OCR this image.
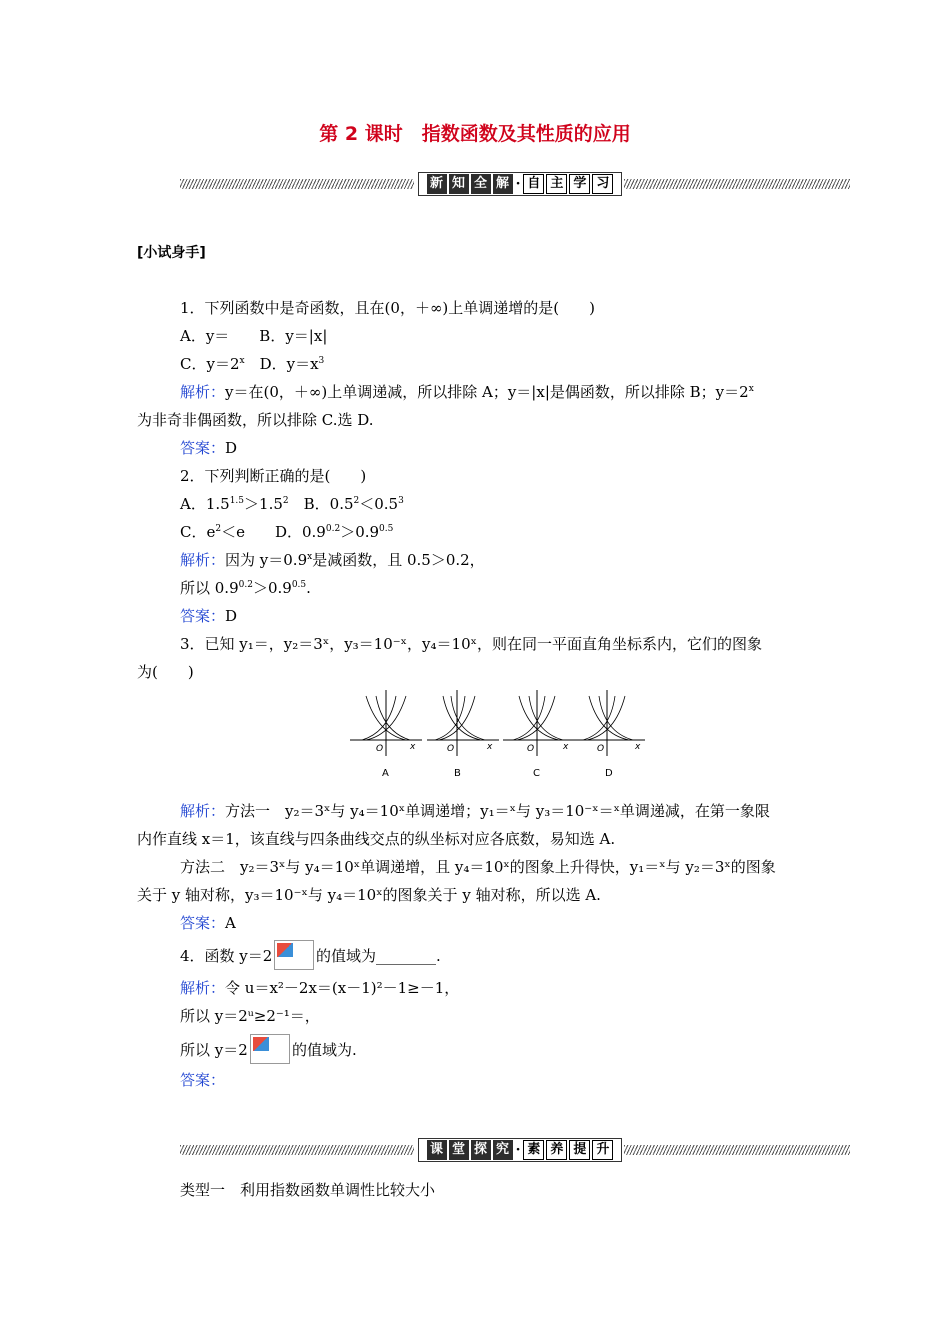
第 2 课时　指数函数及其性质的应用
新 知 全 解 · 自 主 学 习
[小试身手]
1．下列函数中是奇函数，且在(0，＋∞)上单调递增的是(　　)
A．y＝　　B．y＝|x|
C．$y=2^x$　D．$y=x^3$
解析：y＝在(0，＋∞)上单调递减，所以排除 A；y＝|x|是偶函数，所以排除 B；$y=2^x$
为非奇非偶函数，所以排除 C.选 D.
答案：D
2．下列判断正确的是(　　)
A．$1.5^{1.5}>1.5^2$　B．$0.5^2<0.5^3$
C．$e^2<e$　　D．$0.9^{0.2}>0.9^{0.5}$
解析：因为 $y=0.9^x$是减函数，且 0.5＞0.2，
所以 $0.9^{0.2}>0.9^{0.5}$.
答案：D
3．已知 y₁＝，y₂＝3ˣ，y₃＝10⁻ˣ，y₄＝10ˣ，则在同一平面直角坐标系内，它们的图象
为(　　)
O	x
A
O	x
B
O	x
C
O	x
D
解析：方法一　y₂＝3ˣ与 y₄＝10ˣ单调递增；y₁＝ˣ与 y₃＝10⁻ˣ＝ˣ单调递减，在第一象限
内作直线 x＝1，该直线与四条曲线交点的纵坐标对应各底数，易知选 A.
方法二　y₂＝3ˣ与 y₄＝10ˣ单调递增，且 y₄＝10ˣ的图象上升得快，y₁＝ˣ与 y₂＝3ˣ的图象
关于 y 轴对称，y₃＝10⁻ˣ与 y₄＝10ˣ的图象关于 y 轴对称，所以选 A.
答案：A
4．函数 y＝2	的值域为________.
解析：令 u＝x²－2x＝(x－1)²－1≥－1，
所以 y＝2ᵘ≥2⁻¹＝，
所以 y＝2	的值域为.
答案：
课 堂 探 究 · 素 养 提 升
类型一　利用指数函数单调性比较大小
